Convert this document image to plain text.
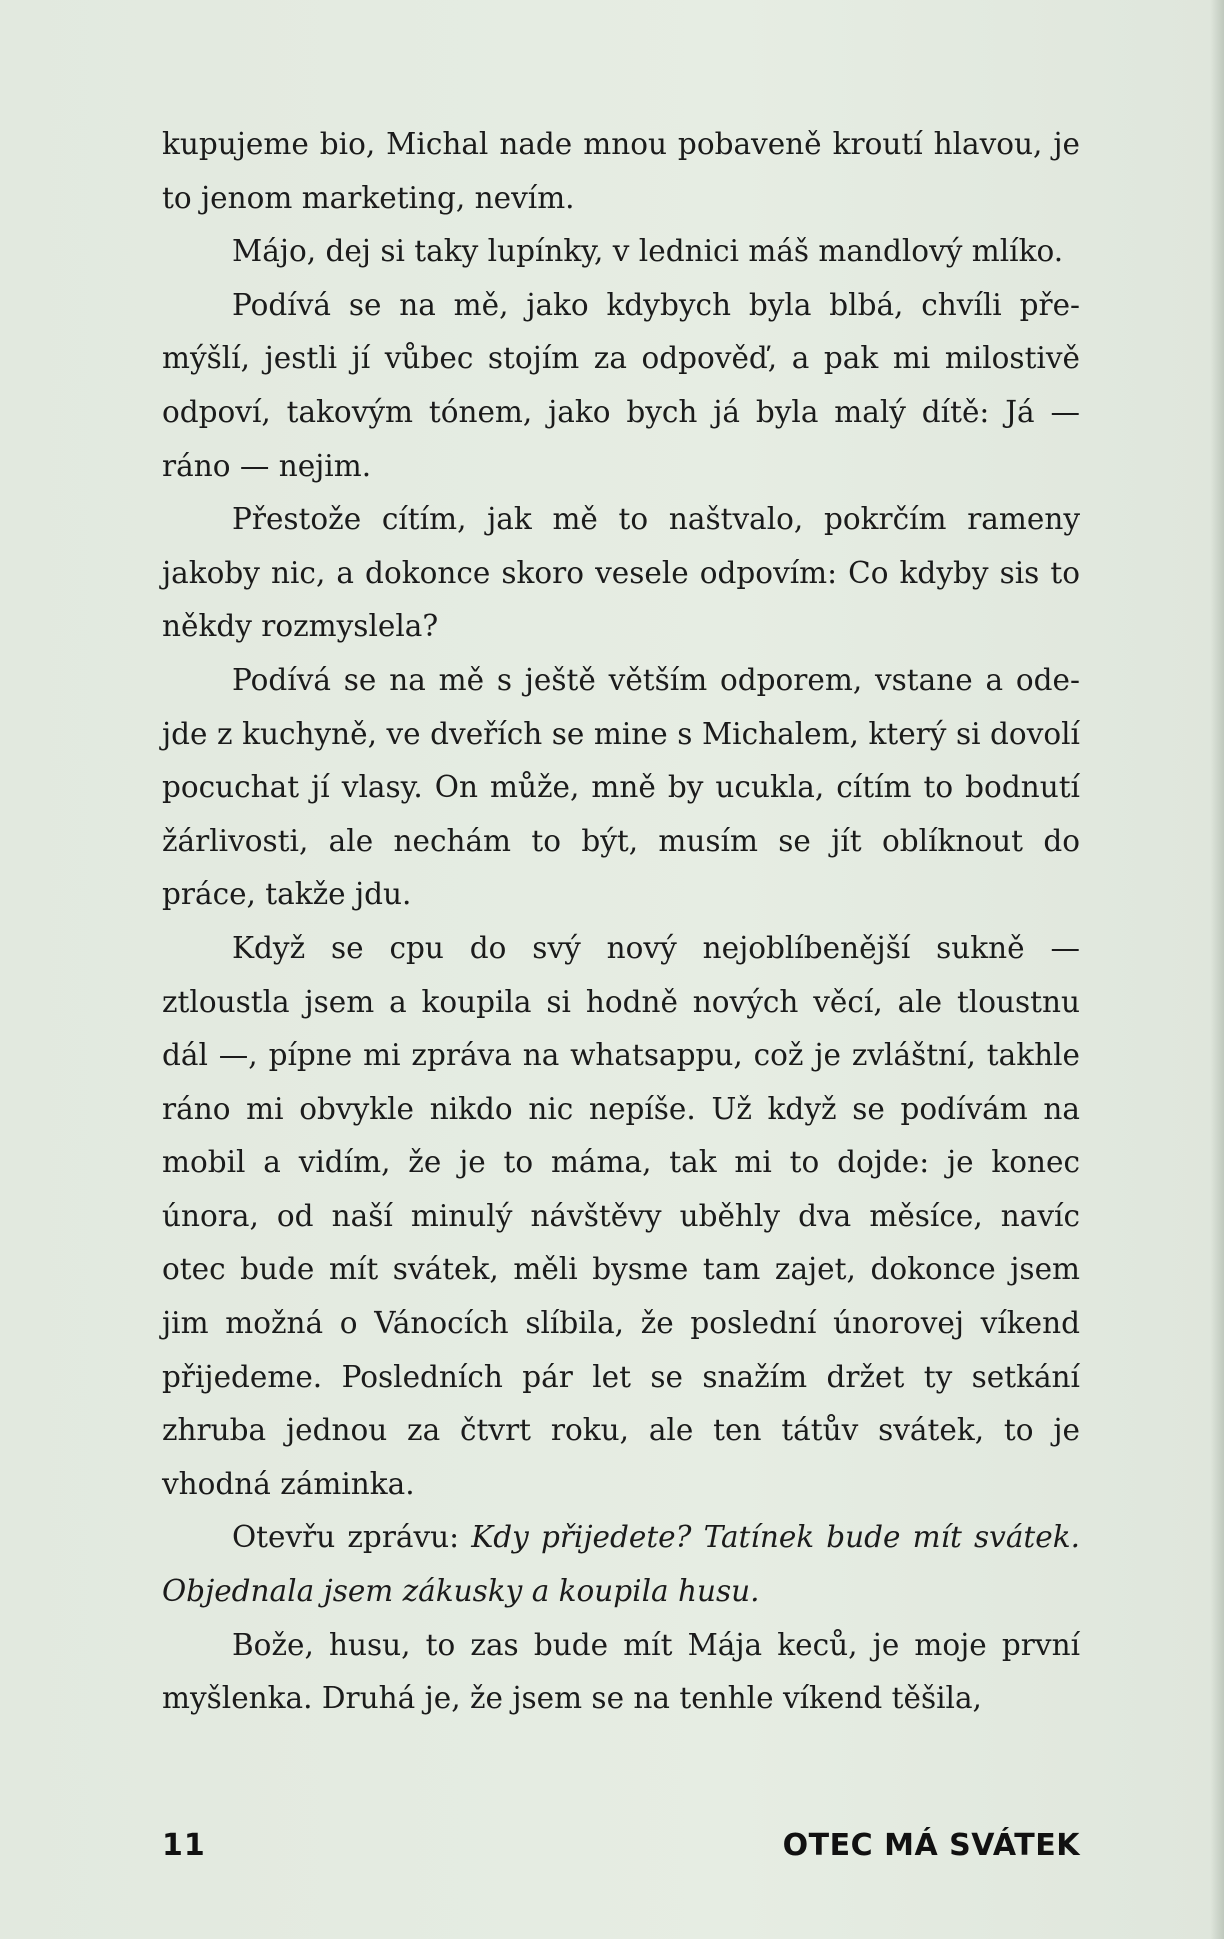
kupujeme bio, Michal nade mnou pobaveně kroutí hlavou, je to jenom marketing, nevím.

Májo, dej si taky lupínky, v lednici máš mandlový mlíko.

Podívá se na mě, jako kdybych byla blbá, chvíli přemýšlí, jestli jí vůbec stojím za odpověď, a pak mi milostivě odpoví, takovým tónem, jako bych já byla malý dítě: Já — ráno — nejim.

Přestože cítím, jak mě to naštvalo, pokrčím rameny jakoby nic, a dokonce skoro vesele odpovím: Co kdyby sis to někdy rozmyslela?

Podívá se na mě s ještě větším odporem, vstane a odejde z kuchyně, ve dveřích se mine s Michalem, který si dovolí pocuchat jí vlasy. On může, mně by ucukla, cítím to bodnutí žárlivosti, ale nechám to být, musím se jít oblíknout do práce, takže jdu.

Když se cpu do svý nový nejoblíbenější sukně — ztloustla jsem a koupila si hodně nových věcí, ale tloustnu dál —, pípne mi zpráva na whatsappu, což je zvláštní, takhle ráno mi obvykle nikdo nic nepíše. Už když se podívám na mobil a vidím, že je to máma, tak mi to dojde: je konec února, od naší minulý návštěvy uběhly dva měsíce, navíc otec bude mít svátek, měli bysme tam zajet, dokonce jsem jim možná o Vánocích slíbila, že poslední únorovej víkend přijedeme. Posledních pár let se snažím držet ty setkání zhruba jednou za čtvrt roku, ale ten tátův svátek, to je vhodná záminka.

Otevřu zprávu: Kdy přijedete? Tatínek bude mít svátek. Objednala jsem zákusky a koupila husu.

Bože, husu, to zas bude mít Mája keců, je moje první myšlenka. Druhá je, že jsem se na tenhle víkend těšila,

11	OTEC MÁ SVÁTEK
